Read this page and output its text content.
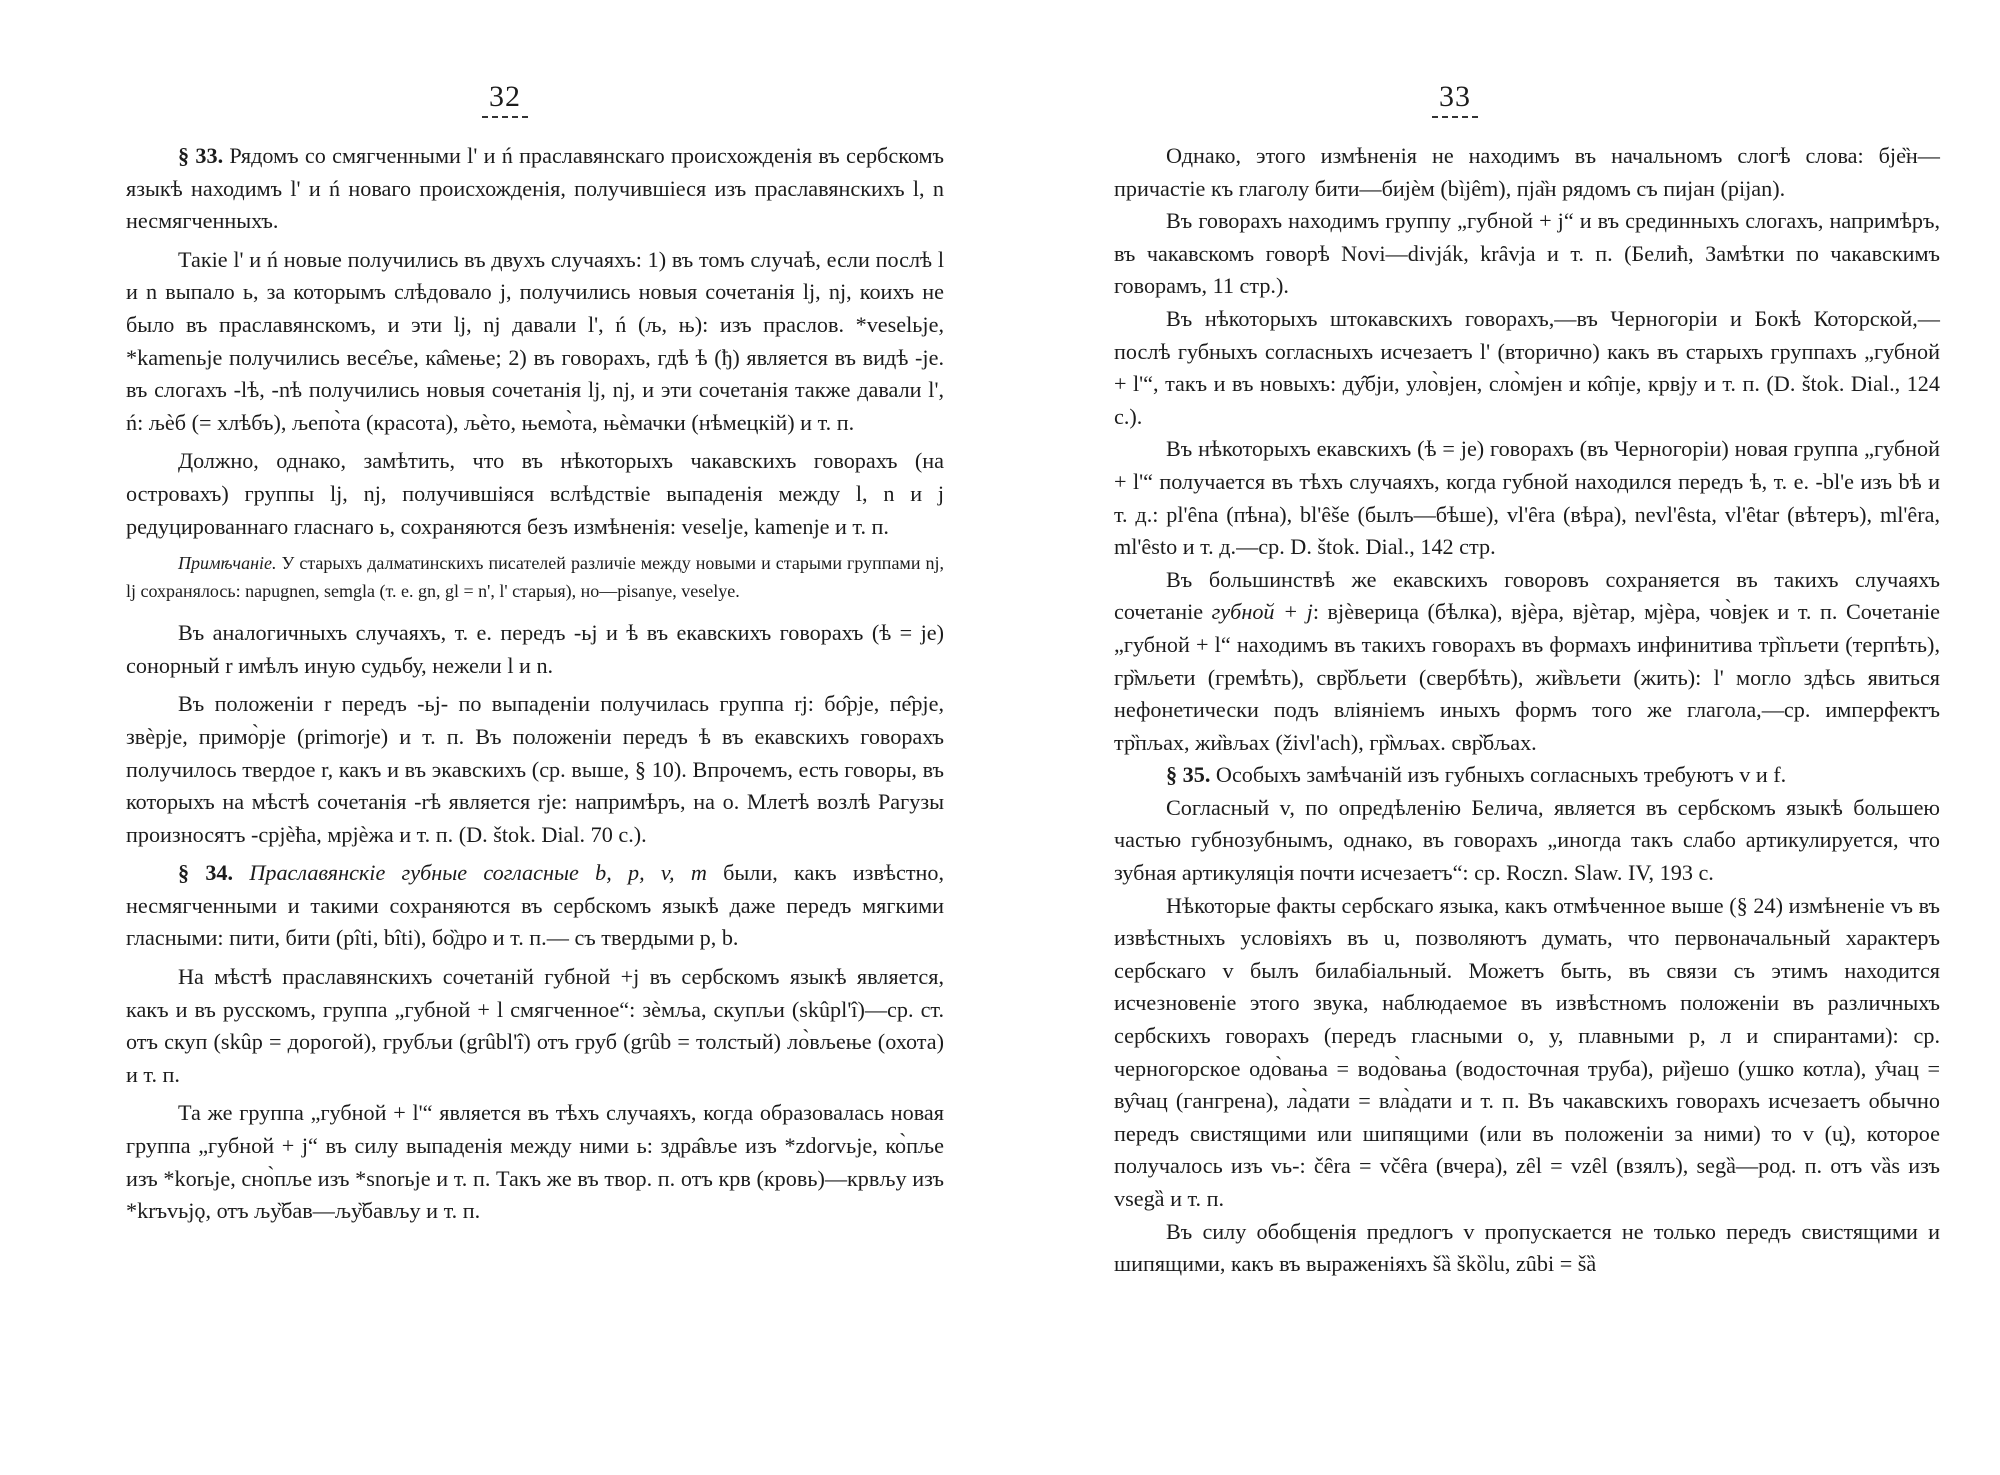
32

§ 33. Рядомъ со смягченными l' и ń праславянскаго происхожденія въ сербскомъ языкѣ находимъ l' и ń новаго происхожденія, получившіеся изъ праславянскихъ l, n несмягченныхъ.

Такіе l' и ń новые получились въ двухъ случаяхъ: 1) въ томъ случаѣ, если послѣ l и n выпало ь, за которымъ слѣдовало j, получились новыя сочетанія lj, nj, коихъ не было въ праславянскомъ, и эти lj, nj давали l', ń (љ, њ): изъ праслов. *veselьje, *kamenьje получились весе̂ље, ка̂мење; 2) въ говорахъ, гдѣ ѣ (ђ) является въ видѣ -je. въ слогахъ -lѣ, -nѣ получились новыя сочетанія lj, nj, и эти сочетанія также давали l', ń: љѐб (= хлѣбъ), љепо̀та (красота), љѐто, њемо̀та, њѐмачки (нѣмецкій) и т. п.

Должно, однако, замѣтить, что въ нѣкоторыхъ чакавскихъ говорахъ (на островахъ) группы lj, nj, получившіяся вслѣдствіе выпаденія между l, n и j редуцированнаго гласнаго ь, сохраняются безъ измѣненія: veselje, kamenje и т. п.

Примѣчаніе. У старыхъ далматинскихъ писателей различіе между новыми и старыми группами nj, lj сохранялось: napugnen, semgla (т. е. gn, gl = n', l' старыя), но—pisanye, veselye.

Въ аналогичныхъ случаяхъ, т. е. передъ -ьj и ѣ въ екавскихъ говорахъ (ѣ = je) сонорный r имѣлъ иную судьбу, нежели l и n.

Въ положеніи r передъ -ьj- по выпаденіи получилась группа rj: бо̂рје, пе̂рје, звѐрје, примо̀рје (primorje) и т. п. Въ положеніи передъ ѣ въ екавскихъ говорахъ получилось твердое r, какъ и въ экавскихъ (ср. выше, § 10). Впрочемъ, есть говоры, въ которыхъ на мѣстѣ сочетанія -rѣ является rje: напримѣръ, на о. Млетѣ возлѣ Рагузы произносятъ -срјѐћа, мрјѐжа и т. п. (D. štok. Dial. 70 с.).

§ 34. Праславянскіе губные согласные b, p, v, m были, какъ извѣстно, несмягченными и такими сохраняются въ сербскомъ языкѣ даже передъ мягкими гласными: пити, бити (pîti, bîti), бо̏дро и т. п.— съ твердыми p, b.

На мѣстѣ праславянскихъ сочетаній губной +j въ сербскомъ языкѣ является, какъ и въ русскомъ, группа „губной + l смягченное“: зѐмља, скупљи (skûpl'î)—ср. ст. отъ скуп (skûp = дорогой), грубљи (grûbl'î) отъ груб (grûb = толстый) ло̀вљење (охота) и т. п.

Та же группа „губной + l'“ является въ тѣхъ случаяхъ, когда образовалась новая группа „губной + j“ въ силу выпаденія между ними ь: здра̂вље изъ *zdorvьje, ко̀пље изъ *korьje, сно̀пље изъ *snorьje и т. п. Такъ же въ твор. п. отъ крв (кровь)—крвљу изъ *krъvьjǫ, отъ љу̏бав—љу̏бављу и т. п.

33

Однако, этого измѣненія не находимъ въ начальномъ слогѣ слова: бје̏н—причастіе къ глаголу бити—бијѐм (bìjêm), пја̏н рядомъ съ пијан (pijan).

Въ говорахъ находимъ группу „губной + j“ и въ срединныхъ слогахъ, напримѣръ, въ чакавскомъ говорѣ Novi—divják, krȃvja и т. п. (Белић, Замѣтки по чакавскимъ говорамъ, 11 стр.).

Въ нѣкоторыхъ штокавскихъ говорахъ,—въ Черногоріи и Бокѣ Которской,—послѣ губныхъ согласныхъ исчезаетъ l' (вторично) какъ въ старыхъ группахъ „губной + l'“, такъ и въ новыхъ: ду̂бји, уло̀вјен, сло̀мјен и ко̂пје, крвју и т. п. (D. štok. Dial., 124 с.).

Въ нѣкоторыхъ екавскихъ (ѣ = je) говорахъ (въ Черногоріи) новая группа „губной + l'“ получается въ тѣхъ случаяхъ, когда губной находился передъ ѣ, т. е. -bl'e изъ bѣ и т. д.: pl'ȇna (пѣна), bl'ȇše (былъ—бѣше), vl'ȇra (вѣра), nevl'ȇsta, vl'ȇtar (вѣтеръ), ml'ȇra, ml'ȇsto и т. д.—ср. D. štok. Dial., 142 стр.

Въ большинствѣ же екавскихъ говоровъ сохраняется въ такихъ случаяхъ сочетаніе губной + j: вјѐверица (бѣлка), вјѐра, вјѐтар, мјѐра, чо̀вјек и т. п. Сочетаніе „губной + l“ находимъ въ такихъ говорахъ въ формахъ инфинитива тр̏пљети (терпѣть), гр̏мљети (гремѣть), свр̏бљети (свербѣть), жи̏вљети (жить): l' могло здѣсь явиться нефонетически подъ вліяніемъ иныхъ формъ того же глагола,—ср. имперфектъ тр̏пљах, жи̏вљах (živl'ach), гр̏мљах. свр̏бљах.

§ 35. Особыхъ замѣчаній изъ губныхъ согласныхъ требуютъ v и f.

Согласный v, по опредѣленію Белича, является въ сербскомъ языкѣ большею частью губнозубнымъ, однако, въ говорахъ „иногда такъ слабо артикулируется, что зубная артикуляція почти исчезаетъ“: ср. Roczn. Slaw. IV, 193 с.

Нѣкоторые факты сербскаго языка, какъ отмѣченное выше (§ 24) измѣненіе vъ въ извѣстныхъ условіяхъ въ u, позволяютъ думать, что первоначальный характеръ сербскаго v былъ билабіальный. Можетъ быть, въ связи съ этимъ находится исчезновеніе этого звука, наблюдаемое въ извѣстномъ положеніи въ различныхъ сербскихъ говорахъ (передъ гласными o, у, плавными р, л и спирантами): ср. черногорское одо̀вања = водо̀вања (водосточная труба), ри̏јешо (ушко котла), у̂чац = ву̂чац (гангрена), ла̀дати = вла̀дати и т. п. Въ чакавскихъ говорахъ исчезаетъ обычно передъ свистящими или шипящими (или въ положеніи за ними) то v (u̯), которое получалось изъ vь-: čȇra = včȇra (вчера), zȇl = vzȇl (взялъ), segȁ—род. п. отъ vȁs изъ vsegȁ и т. п.

Въ силу обобщенія предлогъ v пропускается не только передъ свистящими и шипящими, какъ въ выраженіяхъ šȁ škȍlu, zȗbi = šȁ
